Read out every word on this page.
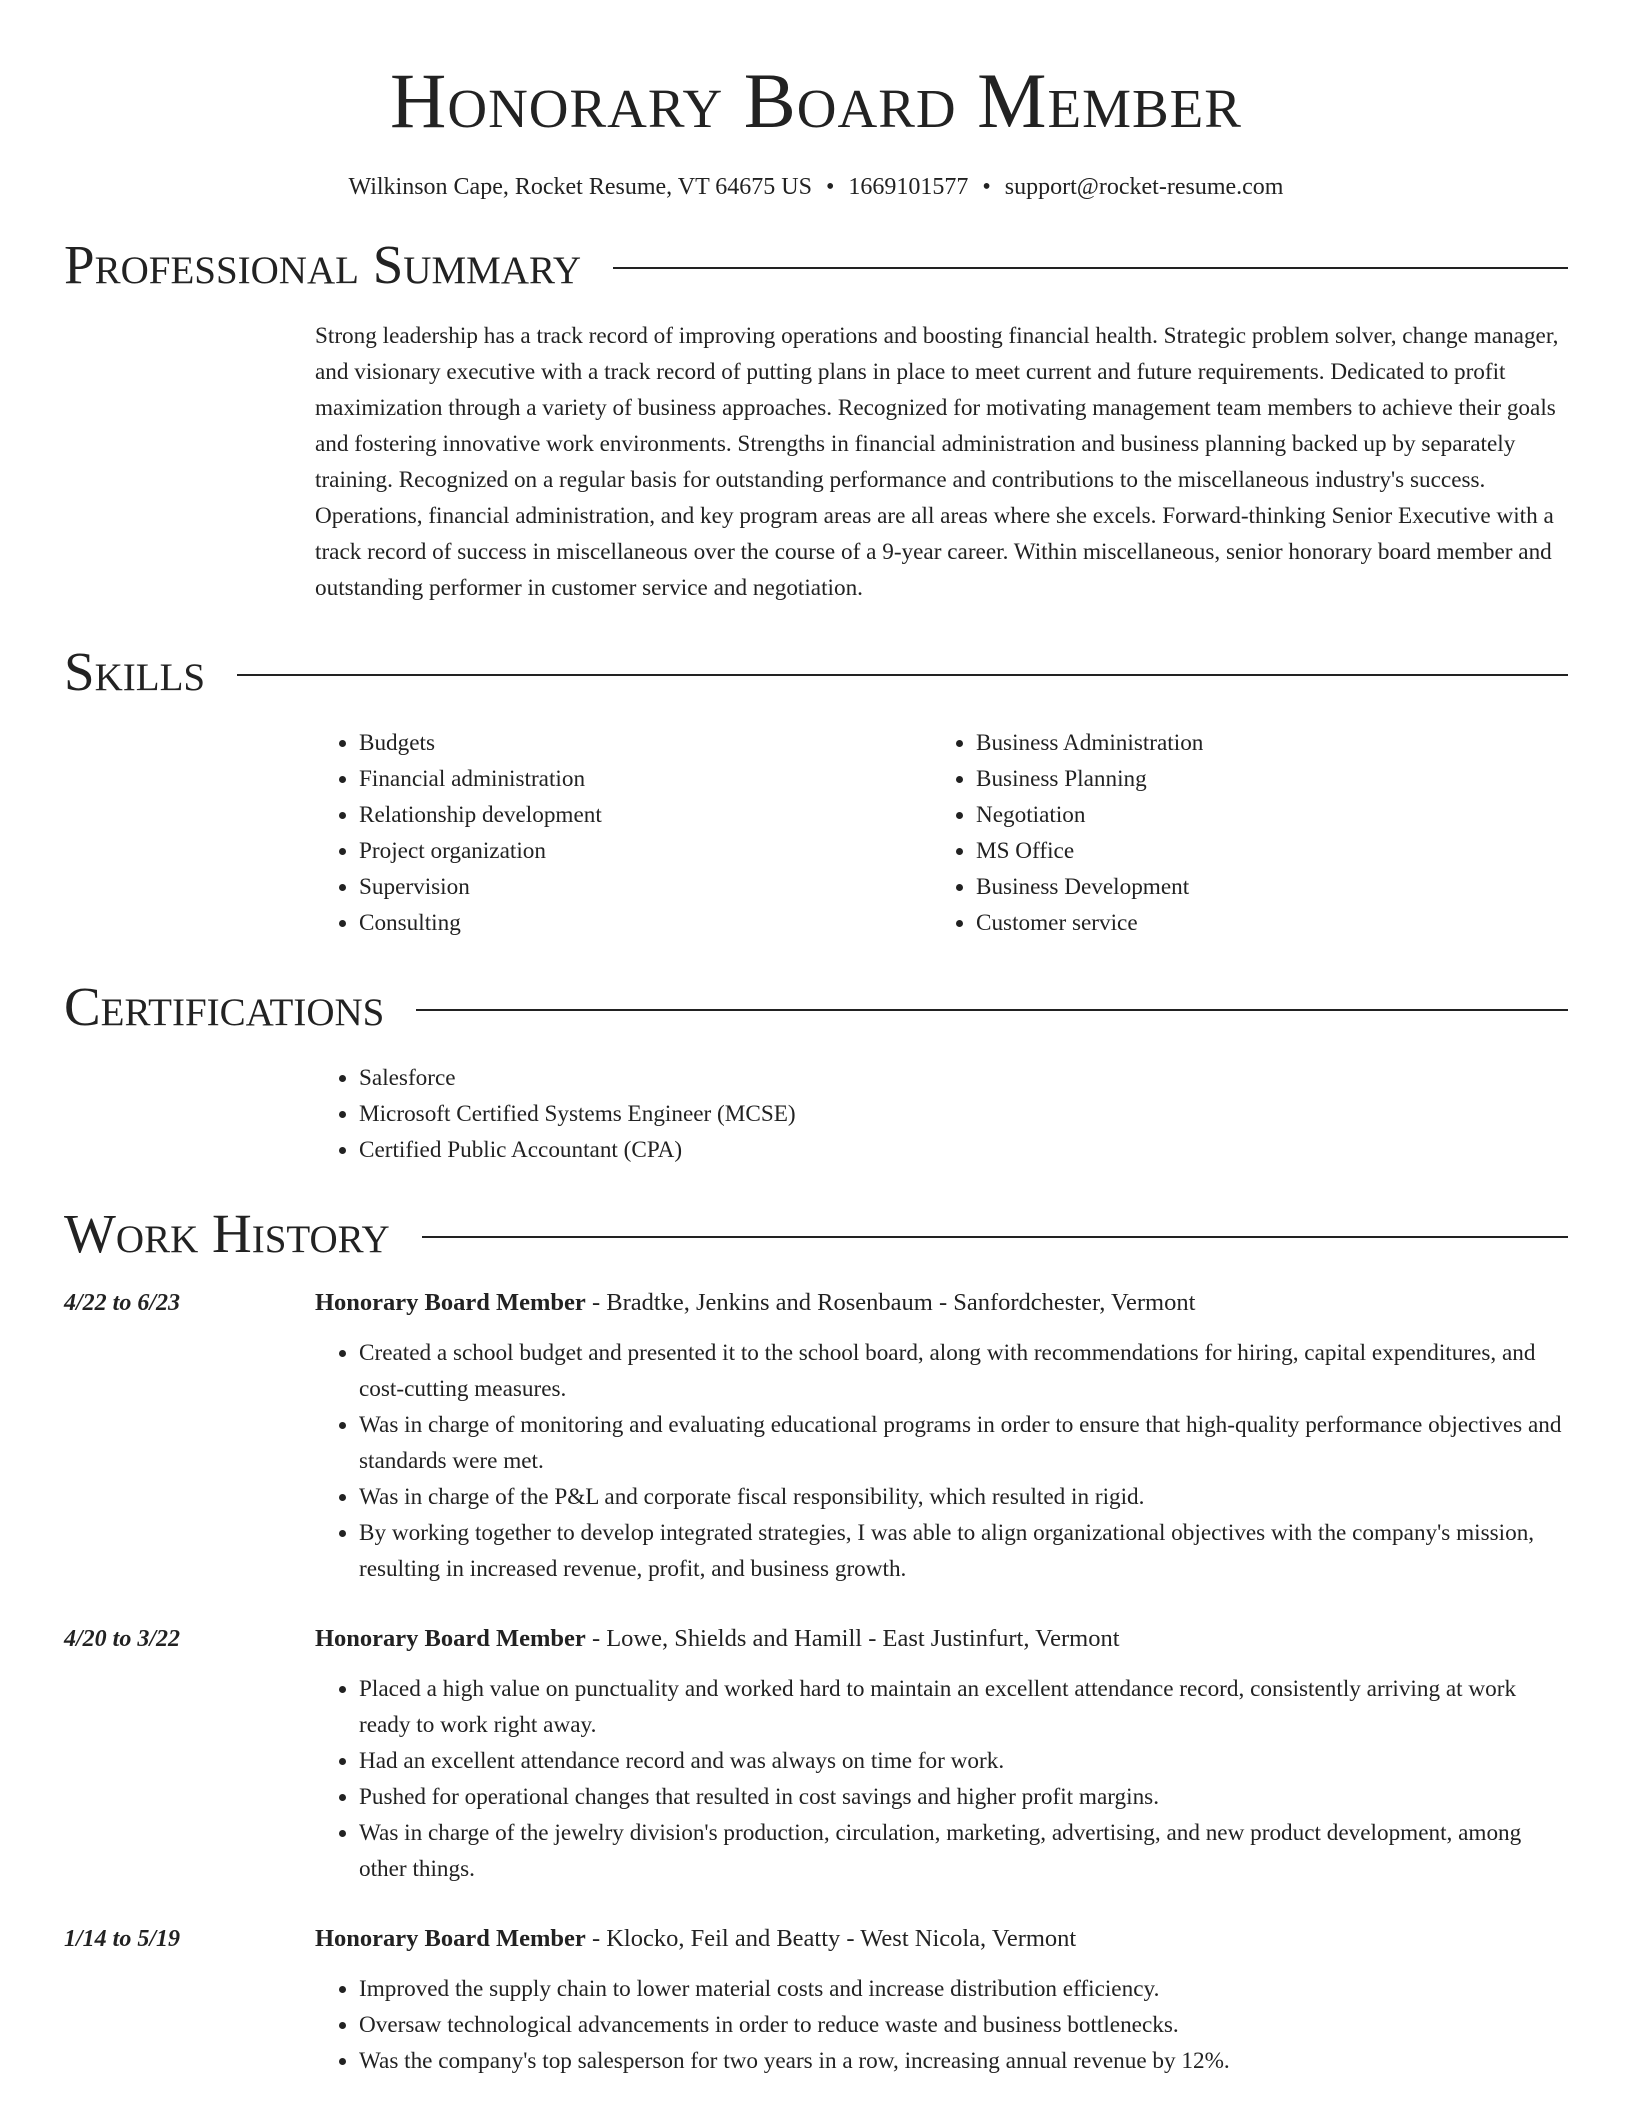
Honorary Board Member
Wilkinson Cape, Rocket Resume, VT 64675 US • 1669101577 • support@rocket-resume.com
Professional Summary
Strong leadership has a track record of improving operations and boosting financial health. Strategic problem solver, change manager, and visionary executive with a track record of putting plans in place to meet current and future requirements. Dedicated to profit maximization through a variety of business approaches. Recognized for motivating management team members to achieve their goals and fostering innovative work environments. Strengths in financial administration and business planning backed up by separately training. Recognized on a regular basis for outstanding performance and contributions to the miscellaneous industry's success. Operations, financial administration, and key program areas are all areas where she excels. Forward-thinking Senior Executive with a track record of success in miscellaneous over the course of a 9-year career. Within miscellaneous, senior honorary board member and outstanding performer in customer service and negotiation.
Skills
• Budgets
• Financial administration
• Relationship development
• Project organization
• Supervision
• Consulting
• Business Administration
• Business Planning
• Negotiation
• MS Office
• Business Development
• Customer service
Certifications
• Salesforce
• Microsoft Certified Systems Engineer (MCSE)
• Certified Public Accountant (CPA)
Work History
4/22 to 6/23	Honorary Board Member - Bradtke, Jenkins and Rosenbaum - Sanfordchester, Vermont
• Created a school budget and presented it to the school board, along with recommendations for hiring, capital expenditures, and cost-cutting measures.
• Was in charge of monitoring and evaluating educational programs in order to ensure that high-quality performance objectives and standards were met.
• Was in charge of the P&L and corporate fiscal responsibility, which resulted in rigid.
• By working together to develop integrated strategies, I was able to align organizational objectives with the company's mission, resulting in increased revenue, profit, and business growth.
4/20 to 3/22	Honorary Board Member - Lowe, Shields and Hamill - East Justinfurt, Vermont
• Placed a high value on punctuality and worked hard to maintain an excellent attendance record, consistently arriving at work ready to work right away.
• Had an excellent attendance record and was always on time for work.
• Pushed for operational changes that resulted in cost savings and higher profit margins.
• Was in charge of the jewelry division's production, circulation, marketing, advertising, and new product development, among other things.
1/14 to 5/19	Honorary Board Member - Klocko, Feil and Beatty - West Nicola, Vermont
• Improved the supply chain to lower material costs and increase distribution efficiency.
• Oversaw technological advancements in order to reduce waste and business bottlenecks.
• Was the company's top salesperson for two years in a row, increasing annual revenue by 12%.
